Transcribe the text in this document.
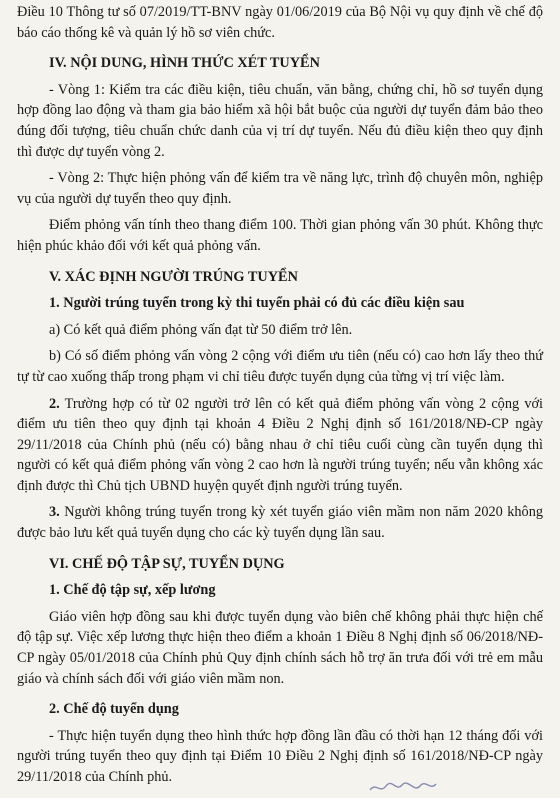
Điều 10 Thông tư số 07/2019/TT-BNV ngày 01/06/2019 của Bộ Nội vụ quy định về chế độ báo cáo thống kê và quản lý hồ sơ viên chức.

IV. NỘI DUNG, HÌNH THỨC XÉT TUYỂN

- Vòng 1: Kiểm tra các điều kiện, tiêu chuẩn, văn bằng, chứng chỉ, hồ sơ tuyển dụng hợp đồng lao động và tham gia bảo hiểm xã hội bắt buộc của người dự tuyển đảm bảo theo đúng đối tượng, tiêu chuẩn chức danh của vị trí dự tuyển. Nếu đủ điều kiện theo quy định thì được dự tuyển vòng 2.

- Vòng 2: Thực hiện phỏng vấn để kiểm tra về năng lực, trình độ chuyên môn, nghiệp vụ của người dự tuyển theo quy định.

Điểm phỏng vấn tính theo thang điểm 100. Thời gian phỏng vấn 30 phút. Không thực hiện phúc khảo đối với kết quả phỏng vấn.

V. XÁC ĐỊNH NGƯỜI TRÚNG TUYỂN

1. Người trúng tuyển trong kỳ thi tuyển phải có đủ các điều kiện sau

a) Có kết quả điểm phỏng vấn đạt từ 50 điểm trở lên.

b) Có số điểm phỏng vấn vòng 2 cộng với điểm ưu tiên (nếu có) cao hơn lấy theo thứ tự từ cao xuống thấp trong phạm vi chỉ tiêu được tuyển dụng của từng vị trí việc làm.

2. Trường hợp có từ 02 người trở lên có kết quả điểm phỏng vấn vòng 2 cộng với điểm ưu tiên theo quy định tại khoản 4 Điều 2 Nghị định số 161/2018/NĐ-CP ngày 29/11/2018 của Chính phủ (nếu có) bằng nhau ở chỉ tiêu cuối cùng cần tuyển dụng thì người có kết quả điểm phỏng vấn vòng 2 cao hơn là người trúng tuyển; nếu vẫn không xác định được thì Chủ tịch UBND huyện quyết định người trúng tuyển.

3. Người không trúng tuyển trong kỳ xét tuyển giáo viên mầm non năm 2020 không được bảo lưu kết quả tuyển dụng cho các kỳ tuyển dụng lần sau.

VI. CHẾ ĐỘ TẬP SỰ, TUYỂN DỤNG

1. Chế độ tập sự, xếp lương

Giáo viên hợp đồng sau khi được tuyển dụng vào biên chế không phải thực hiện chế độ tập sự. Việc xếp lương thực hiện theo điểm a khoản 1 Điều 8 Nghị định số 06/2018/NĐ-CP ngày 05/01/2018 của Chính phủ Quy định chính sách hỗ trợ ăn trưa đối với trẻ em mẫu giáo và chính sách đối với giáo viên mầm non.

2. Chế độ tuyển dụng

- Thực hiện tuyển dụng theo hình thức hợp đồng lần đầu có thời hạn 12 tháng đối với người trúng tuyển theo quy định tại Điểm 10 Điều 2 Nghị định số 161/2018/NĐ-CP ngày 29/11/2018 của Chính phủ.
